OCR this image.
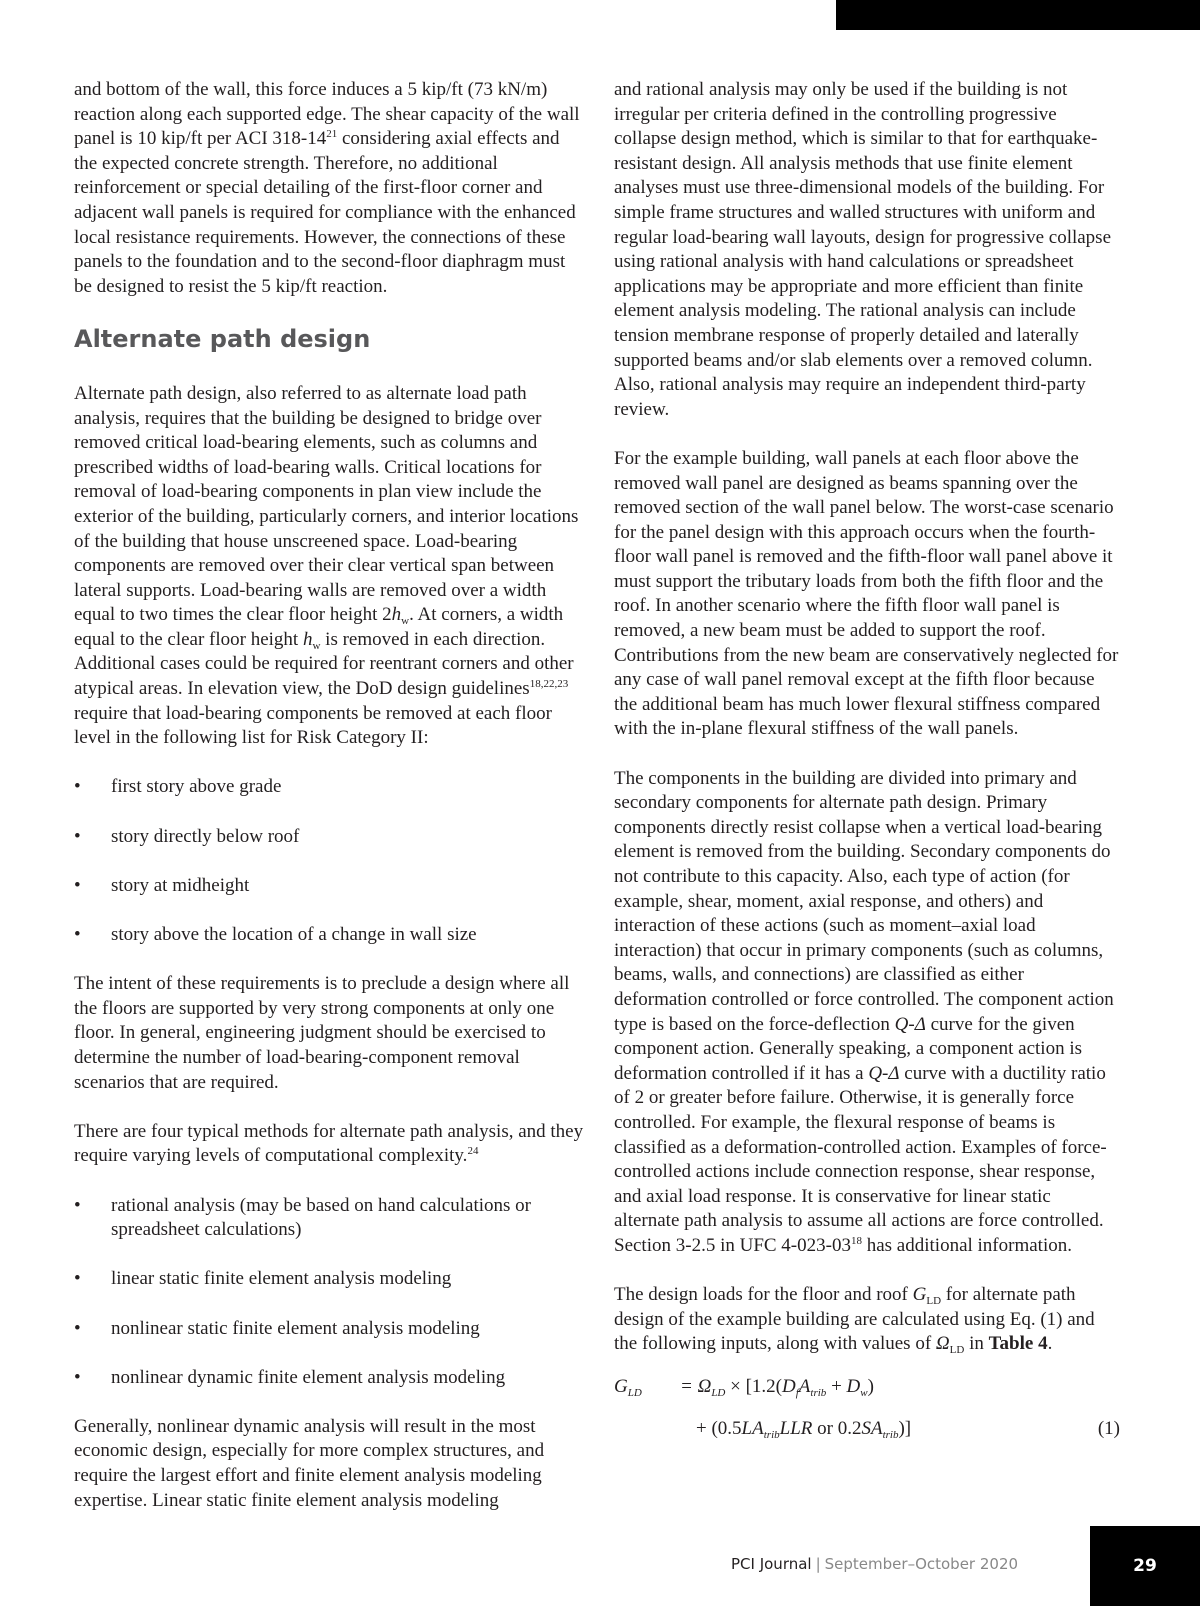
and bottom of the wall, this force induces a 5 kip/ft (73 kN/m) reaction along each supported edge. The shear capacity of the wall panel is 10 kip/ft per ACI $318-14^{21}$ considering axial effects and the expected concrete strength. Therefore, no additional reinforcement or special detailing of the first-floor corner and adjacent wall panels is required for compliance with the enhanced local resistance requirements. However, the connections of these panels to the foundation and to the second-floor diaphragm must be designed to resist the 5 kip/ft reaction.

Alternate path design

Alternate path design, also referred to as alternate load path analysis, requires that the building be designed to bridge over removed critical load-bearing elements, such as columns and prescribed widths of load-bearing walls. Critical locations for removal of load-bearing components in plan view include the exterior of the building, particularly corners, and interior locations of the building that house unscreened space. Load-bearing components are removed over their clear vertical span between lateral supports. Load-bearing walls are removed over a width equal to two times the clear floor height $2h_w$. At corners, a width equal to the clear floor height $h_w$ is removed in each direction. Additional cases could be required for reentrant corners and other atypical areas. In elevation view, the DoD design guidelines$^{18,22,23}$ require that load-bearing components be removed at each floor level in the following list for Risk Category II:

• first story above grade
• story directly below roof
• story at midheight
• story above the location of a change in wall size

The intent of these requirements is to preclude a design where all the floors are supported by very strong components at only one floor. In general, engineering judgment should be exercised to determine the number of load-bearing-component removal scenarios that are required.

There are four typical methods for alternate path analysis, and they require varying levels of computational complexity.$^{24}$

• rational analysis (may be based on hand calculations or spreadsheet calculations)
• linear static finite element analysis modeling
• nonlinear static finite element analysis modeling
• nonlinear dynamic finite element analysis modeling

Generally, nonlinear dynamic analysis will result in the most economic design, especially for more complex structures, and require the largest effort and finite element analysis modeling expertise. Linear static finite element analysis modeling

and rational analysis may only be used if the building is not irregular per criteria defined in the controlling progressive collapse design method, which is similar to that for earthquake-resistant design. All analysis methods that use finite element analyses must use three-dimensional models of the building. For simple frame structures and walled structures with uniform and regular load-bearing wall layouts, design for progressive collapse using rational analysis with hand calculations or spreadsheet applications may be appropriate and more efficient than finite element analysis modeling. The rational analysis can include tension membrane response of properly detailed and laterally supported beams and/or slab elements over a removed column. Also, rational analysis may require an independent third-party review.

For the example building, wall panels at each floor above the removed wall panel are designed as beams spanning over the removed section of the wall panel below. The worst-case scenario for the panel design with this approach occurs when the fourth-floor wall panel is removed and the fifth-floor wall panel above it must support the tributary loads from both the fifth floor and the roof. In another scenario where the fifth floor wall panel is removed, a new beam must be added to support the roof. Contributions from the new beam are conservatively neglected for any case of wall panel removal except at the fifth floor because the additional beam has much lower flexural stiffness compared with the in-plane flexural stiffness of the wall panels.

The components in the building are divided into primary and secondary components for alternate path design. Primary components directly resist collapse when a vertical load-bearing element is removed from the building. Secondary components do not contribute to this capacity. Also, each type of action (for example, shear, moment, axial response, and others) and interaction of these actions (such as moment–axial load interaction) that occur in primary components (such as columns, beams, walls, and connections) are classified as either deformation controlled or force controlled. The component action type is based on the force-deflection Q-Δ curve for the given component action. Generally speaking, a component action is deformation controlled if it has a Q-Δ curve with a ductility ratio of 2 or greater before failure. Otherwise, it is generally force controlled. For example, the flexural response of beams is classified as a deformation-controlled action. Examples of force-controlled actions include connection response, shear response, and axial load response. It is conservative for linear static alternate path analysis to assume all actions are force controlled. Section 3-2.5 in UFC $4-023-03^{18}$ has additional information.

The design loads for the floor and roof $G_{LD}$ for alternate path design of the example building are calculated using Eq. (1) and the following inputs, along with values of $\Omega_{LD}$ in Table 4.

$G_{LD} = \Omega_{LD} \times [1.2(D_fA_{trib} + D_w)$
+ ($0.5LA_{trib}LLR$ or $0.2SA_{trib}$)]	(1)
PCI Journal | September–October 2020	29
